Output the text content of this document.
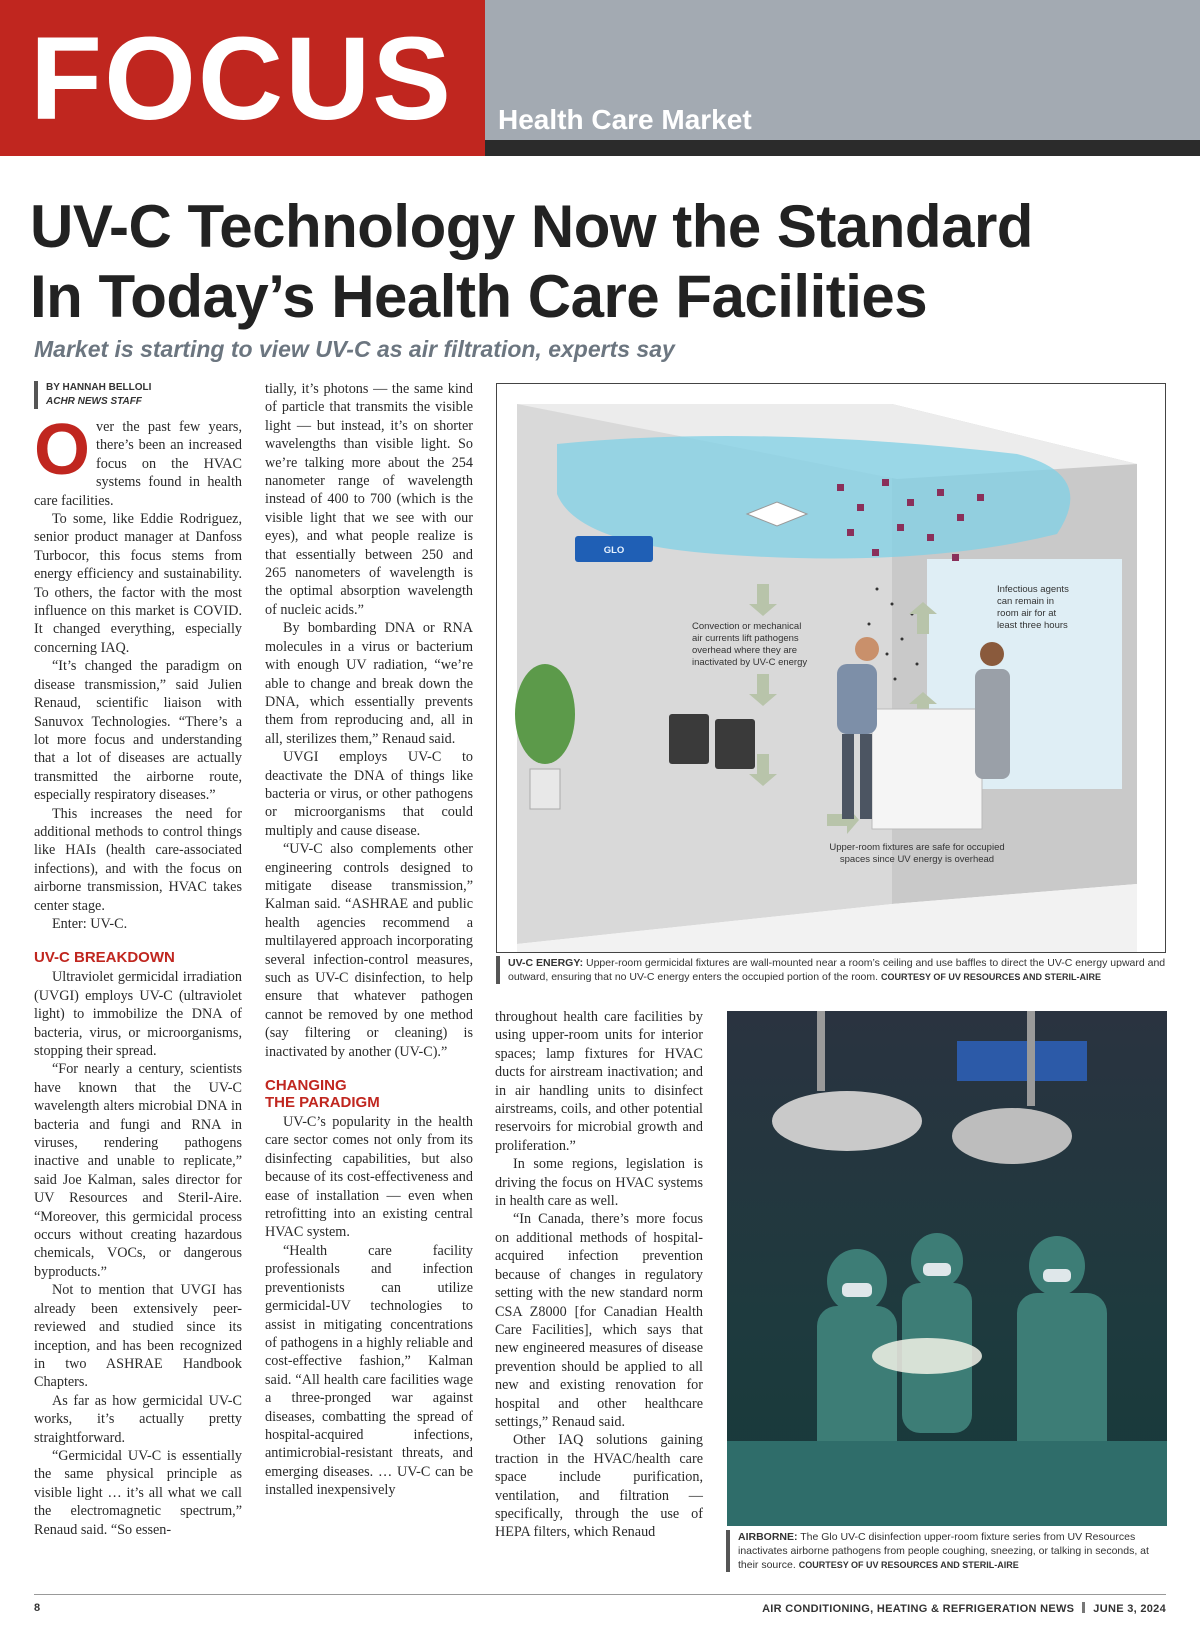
FOCUS Health Care Market
UV-C Technology Now the Standard
In Today’s Health Care Facilities
Market is starting to view UV-C as air filtration, experts say
BY HANNAH BELLOLI
ACHR NEWS STAFF

Over the past few years, there’s been an increased focus on the HVAC systems found in health care facilities.

To some, like Eddie Rodriguez, senior product manager at Danfoss Turbocor, this focus stems from energy efficiency and sustainability. To others, the factor with the most influence on this market is COVID. It changed everything, especially concerning IAQ.

“It’s changed the paradigm on disease transmission,” said Julien Renaud, scientific liaison with Sanuvox Technologies. “There’s a lot more focus and understanding that a lot of diseases are actually transmitted the airborne route, especially respiratory diseases.”

This increases the need for additional methods to control things like HAIs (health care-associated infections), and with the focus on airborne transmission, HVAC takes center stage.

Enter: UV-C.

UV-C BREAKDOWN

Ultraviolet germicidal irradiation (UVGI) employs UV-C (ultraviolet light) to immobilize the DNA of bacteria, virus, or microorganisms, stopping their spread.

“For nearly a century, scientists have known that the UV-C wavelength alters microbial DNA in bacteria and fungi and RNA in viruses, rendering pathogens inactive and unable to replicate,” said Joe Kalman, sales director for UV Resources and Steril-Aire. “Moreover, this germicidal process occurs without creating hazardous chemicals, VOCs, or dangerous byproducts.”

Not to mention that UVGI has already been extensively peer-reviewed and studied since its inception, and has been recognized in two ASHRAE Handbook Chapters.

As far as how germicidal UV-C works, it’s actually pretty straightforward.

“Germicidal UV-C is essentially the same physical principle as visible light … it’s all what we call the electromagnetic spectrum,” Renaud said. “So essen-

tially, it’s photons — the same kind of particle that transmits the visible light — but instead, it’s on shorter wavelengths than visible light. So we’re talking more about the 254 nanometer range of wavelength instead of 400 to 700 (which is the visible light that we see with our eyes), and what people realize is that essentially between 250 and 265 nanometers of wavelength is the optimal absorption wavelength of nucleic acids.”

By bombarding DNA or RNA molecules in a virus or bacterium with enough UV radiation, “we’re able to change and break down the DNA, which essentially prevents them from reproducing and, all in all, sterilizes them,” Renaud said.

UVGI employs UV-C to deactivate the DNA of things like bacteria or virus, or other pathogens or microorganisms that could multiply and cause disease.

“UV-C also complements other engineering controls designed to mitigate disease transmission,” Kalman said. “ASHRAE and public health agencies recommend a multilayered approach incorporating several infection-control measures, such as UV-C disinfection, to help ensure that whatever pathogen cannot be removed by one method (say filtering or cleaning) is inactivated by another (UV-C).”

CHANGING
THE PARADIGM

UV-C’s popularity in the health care sector comes not only from its disinfecting capabilities, but also because of its cost-effectiveness and ease of installation — even when retrofitting into an existing central HVAC system.

“Health care facility professionals and infection preventionists can utilize germicidal-UV technologies to assist in mitigating concentrations of pathogens in a highly reliable and cost-effective fashion,” Kalman said. “All health care facilities wage a three-pronged war against diseases, combatting the spread of hospital-acquired infections, antimicrobial-resistant threats, and emerging diseases. … UV-C can be installed inexpensively

throughout health care facilities by using upper-room units for interior spaces; lamp fixtures for HVAC ducts for airstream inactivation; and in air handling units to disinfect airstreams, coils, and other potential reservoirs for microbial growth and proliferation.”

In some regions, legislation is driving the focus on HVAC systems in health care as well.

“In Canada, there’s more focus on additional methods of hospital-acquired infection prevention because of changes in regulatory setting with the new standard norm CSA Z8000 [for Canadian Health Care Facilities], which says that new engineered measures of disease prevention should be applied to all new and existing renovation for hospital and other healthcare settings,” Renaud said.

Other IAQ solutions gaining traction in the HVAC/health care space include purification, ventilation, and filtration — specifically, through the use of HEPA filters, which Renaud

GLO
Convection or mechanical
air currents lift pathogens
overhead where they are
inactivated by UV-C energy
Infectious agents
can remain in
room air for at
least three hours
Upper-room fixtures are safe for occupied
spaces since UV energy is overhead
UV-C ENERGY: Upper-room germicidal fixtures are wall-mounted near a room’s ceiling and use baffles to direct the UV-C energy upward and outward, ensuring that no UV-C energy enters the occupied portion of the room. COURTESY OF UV RESOURCES AND STERIL-AIRE
AIRBORNE: The Glo UV-C disinfection upper-room fixture series from UV Resources inactivates airborne pathogens from people coughing, sneezing, or talking in seconds, at their source. COURTESY OF UV RESOURCES AND STERIL-AIRE
8	AIR CONDITIONING, HEATING & REFRIGERATION NEWS JUNE 3, 2024
